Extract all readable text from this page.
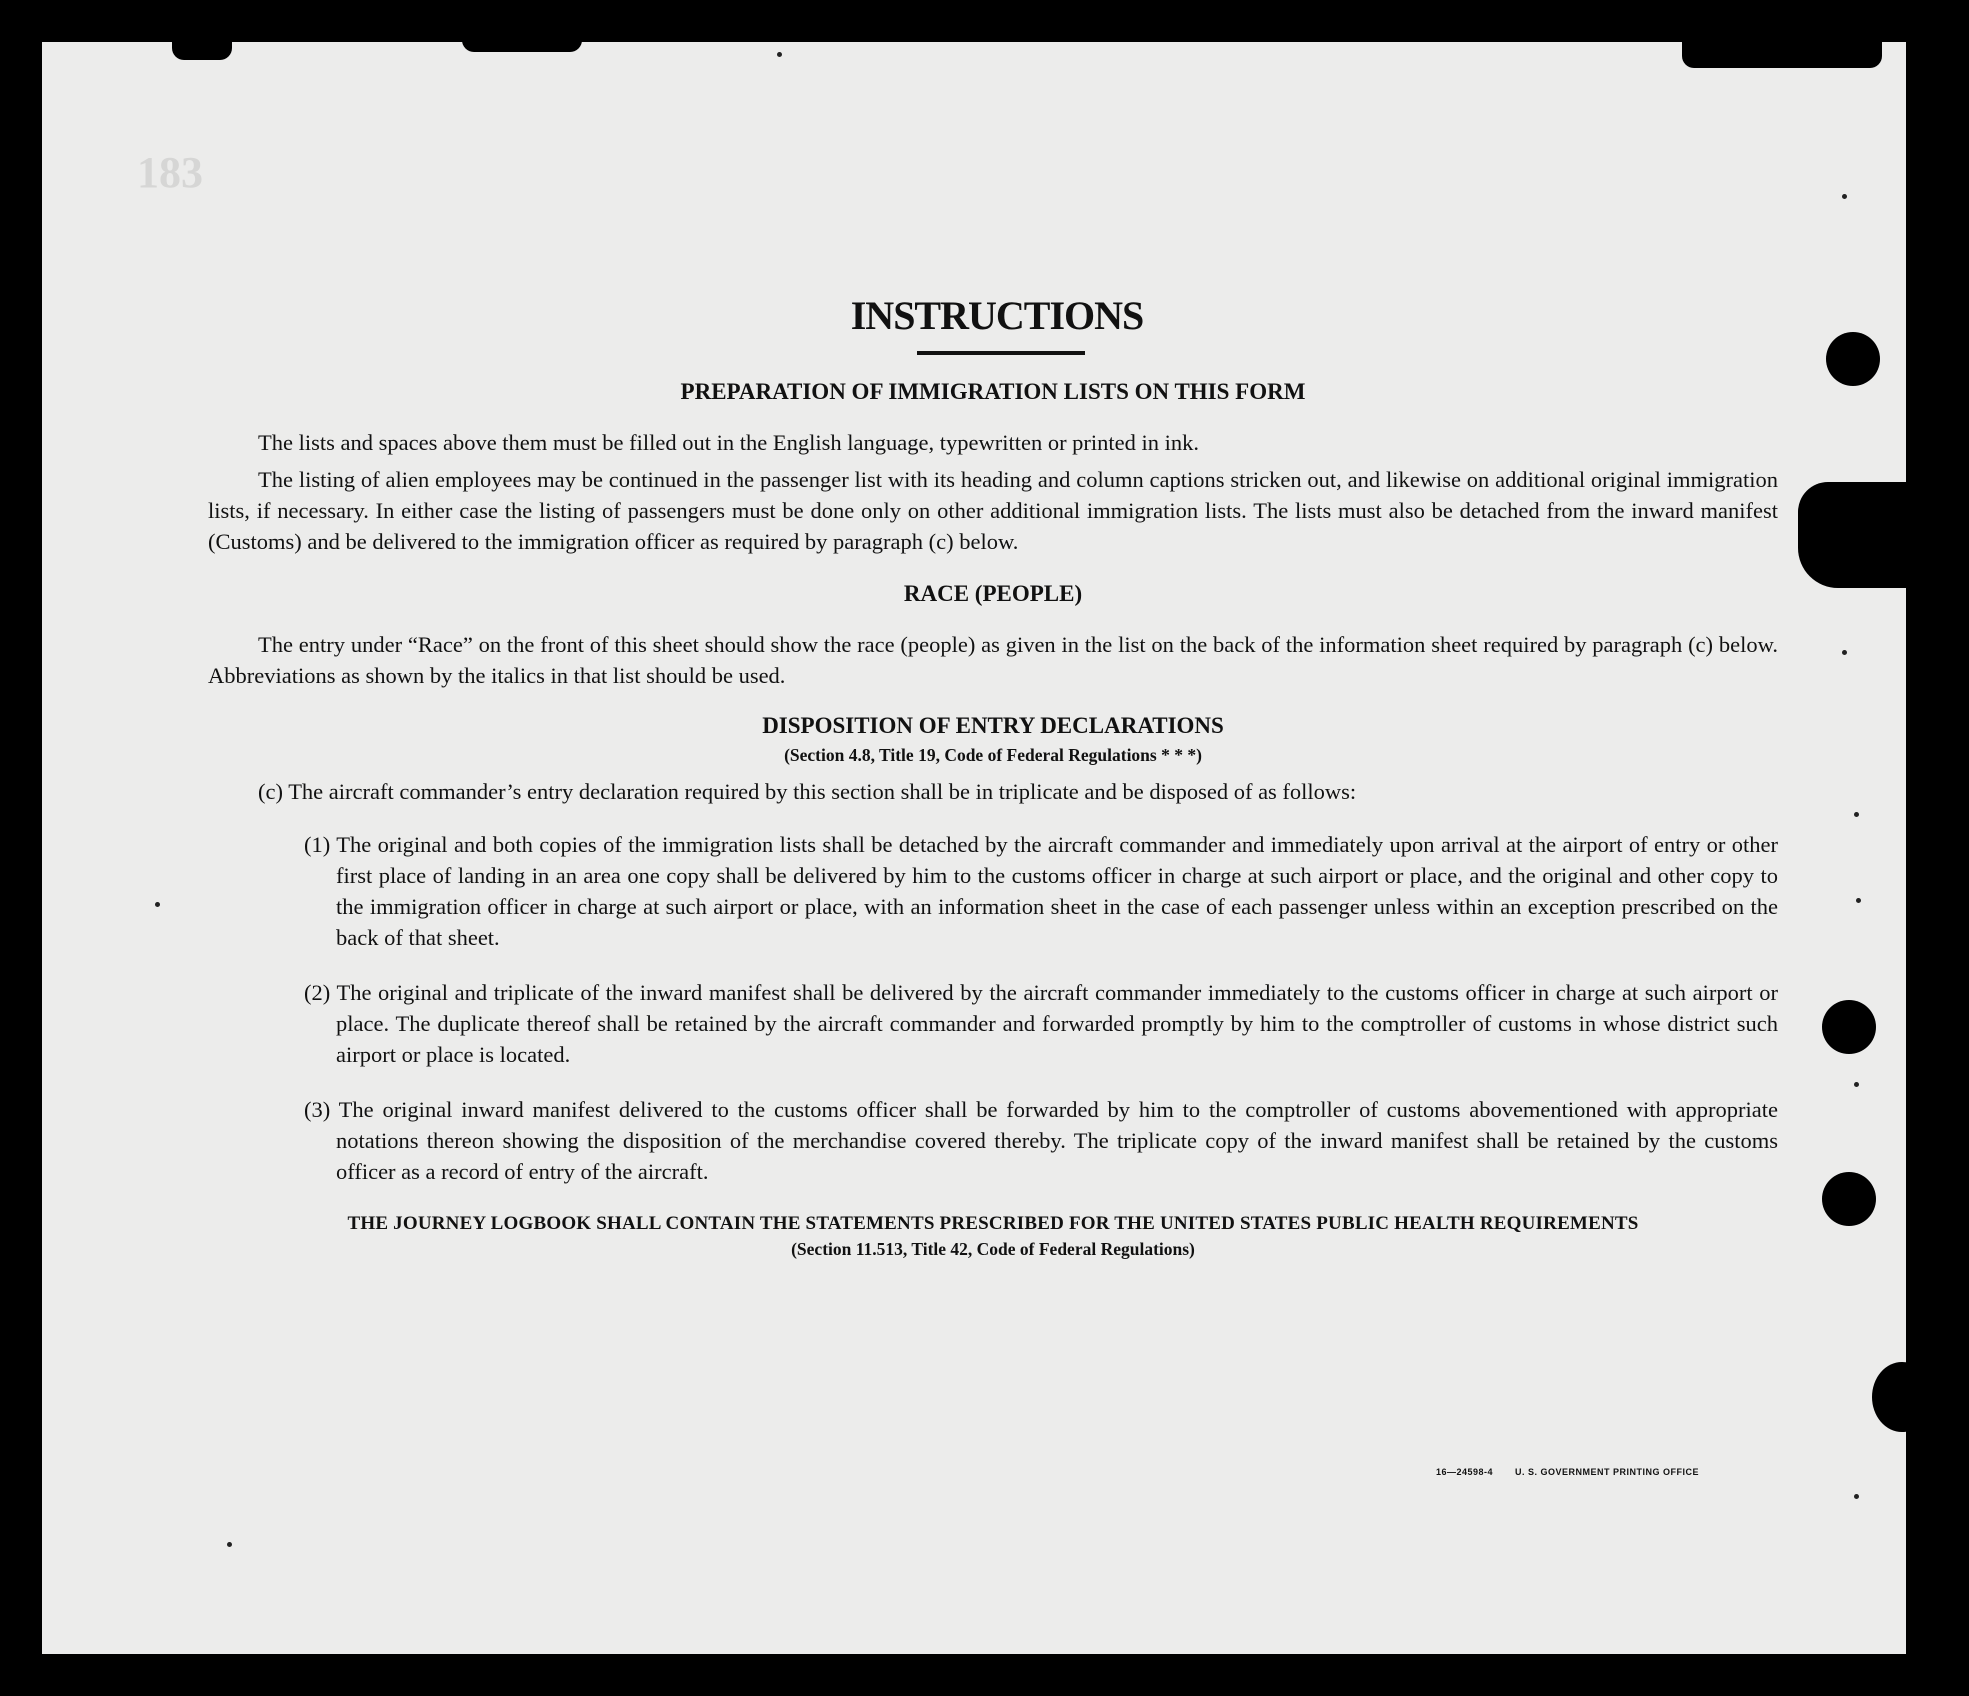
183
INSTRUCTIONS
PREPARATION OF IMMIGRATION LISTS ON THIS FORM

The lists and spaces above them must be filled out in the English language, typewritten or printed in ink.

The listing of alien employees may be continued in the passenger list with its heading and column captions stricken out, and likewise on additional original immigration lists, if necessary. In either case the listing of passengers must be done only on other additional immigration lists. The lists must also be detached from the inward manifest (Customs) and be delivered to the immigration officer as required by paragraph (c) below.

RACE (PEOPLE)

The entry under “Race” on the front of this sheet should show the race (people) as given in the list on the back of the information sheet required by paragraph (c) below. Abbreviations as shown by the italics in that list should be used.

DISPOSITION OF ENTRY DECLARATIONS
(Section 4.8, Title 19, Code of Federal Regulations * * *)

(c) The aircraft commander’s entry declaration required by this section shall be in triplicate and be disposed of as follows:

(1) The original and both copies of the immigration lists shall be detached by the aircraft commander and immediately upon arrival at the airport of entry or other first place of landing in an area one copy shall be delivered by him to the customs officer in charge at such airport or place, and the original and other copy to the immigration officer in charge at such airport or place, with an information sheet in the case of each passenger unless within an exception prescribed on the back of that sheet.

(2) The original and triplicate of the inward manifest shall be delivered by the aircraft commander immediately to the customs officer in charge at such airport or place. The duplicate thereof shall be retained by the aircraft commander and forwarded promptly by him to the comptroller of customs in whose district such airport or place is located.

(3) The original inward manifest delivered to the customs officer shall be forwarded by him to the comptroller of customs abovementioned with appropriate notations thereon showing the disposition of the merchandise covered thereby. The triplicate copy of the inward manifest shall be retained by the customs officer as a record of entry of the aircraft.

THE JOURNEY LOGBOOK SHALL CONTAIN THE STATEMENTS PRESCRIBED FOR THE UNITED STATES PUBLIC HEALTH REQUIREMENTS
(Section 11.513, Title 42, Code of Federal Regulations)
16—24598-4 U. S. GOVERNMENT PRINTING OFFICE
